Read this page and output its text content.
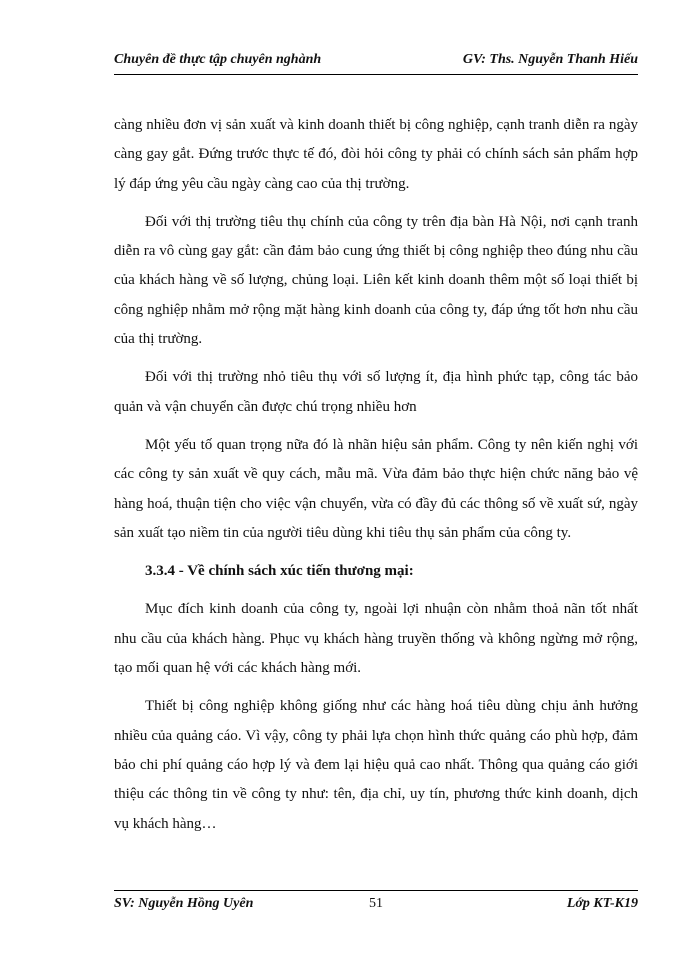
Chuyên đề thực tập chuyên nghành	GV: Ths. Nguyễn Thanh Hiếu

càng nhiều đơn vị sản xuất và kinh doanh thiết bị công nghiệp, cạnh tranh diễn ra ngày càng gay gắt. Đứng trước thực tế đó, đòi hỏi công ty phải có chính sách sản phẩm hợp lý đáp ứng yêu cầu ngày càng cao của thị trường.

Đối với thị trường tiêu thụ chính của công ty trên địa bàn Hà Nội, nơi cạnh tranh diễn ra vô cùng gay gắt: cần đảm bảo cung ứng thiết bị công nghiệp theo đúng nhu cầu của khách hàng về số lượng, chủng loại. Liên kết kinh doanh thêm một số loại thiết bị công nghiệp nhằm mở rộng mặt hàng kinh doanh của công ty, đáp ứng tốt hơn nhu cầu của thị trường.

Đối với thị trường nhỏ tiêu thụ với số lượng ít, địa hình phức tạp, công tác bảo quản và vận chuyển cần được chú trọng nhiều hơn

Một yếu tố quan trọng nữa đó là nhãn hiệu sản phẩm. Công ty nên kiến nghị với các công ty sản xuất về quy cách, mẫu mã. Vừa đảm bảo thực hiện chức năng bảo vệ hàng hoá, thuận tiện cho việc vận chuyển, vừa có đầy đủ các thông số về xuất sứ, ngày sản xuất tạo niềm tin của người tiêu dùng khi tiêu thụ sản phẩm của công ty.

3.3.4 - Về chính sách xúc tiến thương mại:

Mục đích kinh doanh của công ty, ngoài lợi nhuận còn nhằm thoả nãn tốt nhất nhu cầu của khách hàng. Phục vụ khách hàng truyền thống và không ngừng mở rộng, tạo mối quan hệ với các khách hàng mới.

Thiết bị công nghiệp không giống như các hàng hoá tiêu dùng chịu ảnh hưởng nhiều của quảng cáo. Vì vậy, công ty phải lựa chọn hình thức quảng cáo phù hợp, đảm bảo chi phí quảng cáo hợp lý và đem lại hiệu quả cao nhất. Thông qua quảng cáo giới thiệu các thông tin về công ty như: tên, địa chỉ, uy tín, phương thức kinh doanh, dịch vụ khách hàng…

SV: Nguyễn Hồng Uyên	51	Lớp KT-K19
